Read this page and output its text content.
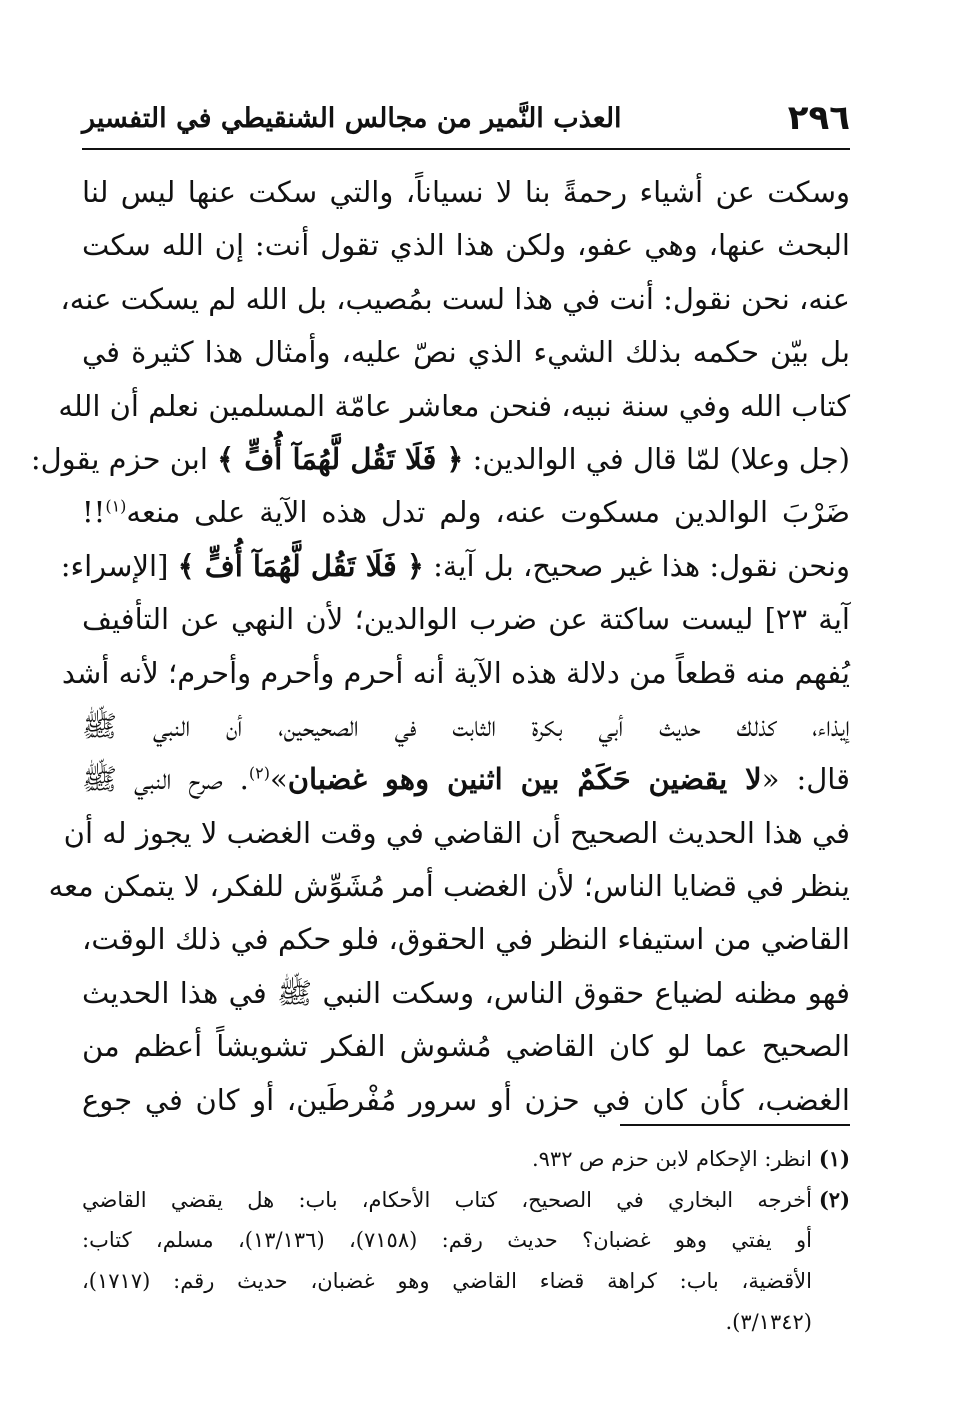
٢٩٦
العذب النَّمير من مجالس الشنقيطي في التفسير
وسكت عن أشياء رحمةً بنا لا نسياناً، والتي سكت عنها ليس لنا
البحث عنها، وهي عفو، ولكن هذا الذي تقول أنت: إن الله سكت
عنه، نحن نقول: أنت في هذا لست بمُصيب، بل الله لم يسكت عنه،
بل بيّن حكمه بذلك الشيء الذي نصّ عليه، وأمثال هذا كثيرة في
كتاب الله وفي سنة نبيه، فنحن معاشر عامّة المسلمين نعلم أن الله
(جل وعلا) لمّا قال في الوالدين: ﴿ فَلَا تَقُل لَّهُمَآ أُفٍّ ﴾ ابن حزم يقول:
ضَرْبَ الوالدين مسكوت عنه، ولم تدل هذه الآية على منعه$^{(١)}$!!
ونحن نقول: هذا غير صحيح، بل آية: ﴿ فَلَا تَقُل لَّهُمَآ أُفٍّ ﴾ [الإسراء:
آية ٢٣] ليست ساكتة عن ضرب الوالدين؛ لأن النهي عن التأفيف
يُفهم منه قطعاً من دلالة هذه الآية أنه أحرم وأحرم وأحرم؛ لأنه أشد
إيذاء، كذلك حديث أبي بكرة الثابت في الصحيحين، أن النبي ﷺ
قال: «لا يقضين حَكَمٌ بين اثنين وهو غضبان»$^{(٢)}$. صرح النبي ﷺ
في هذا الحديث الصحيح أن القاضي في وقت الغضب لا يجوز له أن
ينظر في قضايا الناس؛ لأن الغضب أمر مُشَوِّش للفكر، لا يتمكن معه
القاضي من استيفاء النظر في الحقوق، فلو حكم في ذلك الوقت،
فهو مظنه لضياع حقوق الناس، وسكت النبي ﷺ في هذا الحديث
الصحيح عما لو كان القاضي مُشوش الفكر تشويشاً أعظم من
الغضب، كأن كان في حزن أو سرور مُفْرطَين، أو كان في جوع
(١)انظر: الإحكام لابن حزم ص ٩٣٢.
(٢)أخرجه البخاري في الصحيح، كتاب الأحكام، باب: هل يقضي القاضي
أو يفتي وهو غضبان؟ حديث رقم: (٧١٥٨)، (١٣/١٣٦)، مسلم، كتاب:
الأقضية، باب: كراهة قضاء القاضي وهو غضبان، حديث رقم: (١٧١٧)،
(٣/١٣٤٢).
